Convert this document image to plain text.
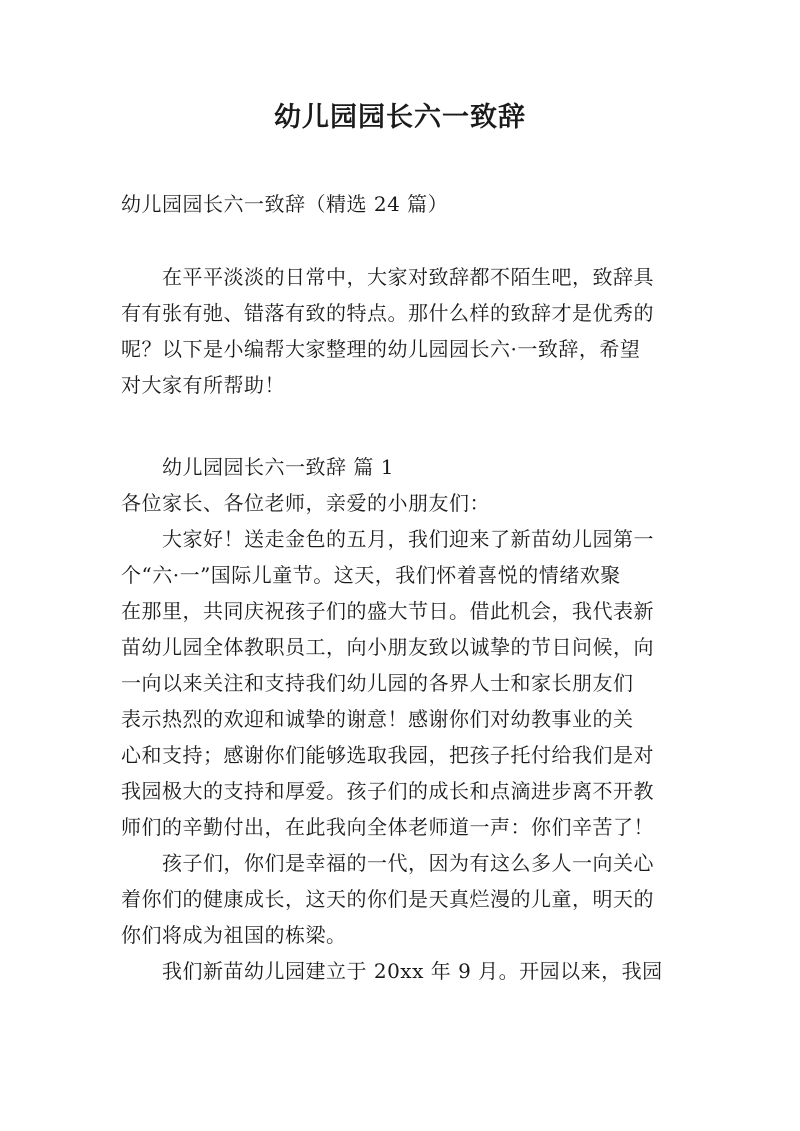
幼儿园园长六一致辞
幼儿园园长六一致辞（精选 24 篇）
在平平淡淡的日常中，大家对致辞都不陌生吧，致辞具
有有张有弛、错落有致的特点。那什么样的致辞才是优秀的
呢？以下是小编帮大家整理的幼儿园园长六·一致辞，希望
对大家有所帮助！
幼儿园园长六一致辞 篇 1
各位家长、各位老师，亲爱的小朋友们：
大家好！送走金色的五月，我们迎来了新苗幼儿园第一
个“六·一”国际儿童节。这天，我们怀着喜悦的情绪欢聚
在那里，共同庆祝孩子们的盛大节日。借此机会，我代表新
苗幼儿园全体教职员工，向小朋友致以诚挚的节日问候，向
一向以来关注和支持我们幼儿园的各界人士和家长朋友们
表示热烈的欢迎和诚挚的谢意！感谢你们对幼教事业的关
心和支持；感谢你们能够选取我园，把孩子托付给我们是对
我园极大的支持和厚爱。孩子们的成长和点滴进步离不开教
师们的辛勤付出，在此我向全体老师道一声：你们辛苦了！
孩子们，你们是幸福的一代，因为有这么多人一向关心
着你们的健康成长，这天的你们是天真烂漫的儿童，明天的
你们将成为祖国的栋梁。
我们新苗幼儿园建立于 20xx 年 9 月。开园以来，我园
